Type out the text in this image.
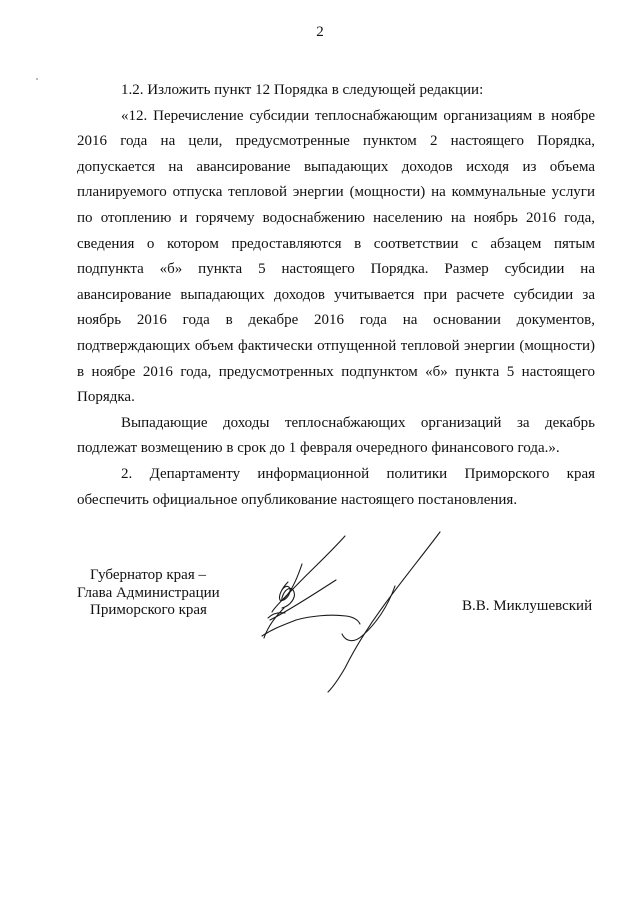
2
1.2. Изложить пункт 12 Порядка в следующей редакции:
«12. Перечисление субсидии теплоснабжающим организациям в ноябре
2016 года на цели, предусмотренные пунктом 2 настоящего Порядка,
допускается на авансирование выпадающих доходов исходя из объема
планируемого отпуска тепловой энергии (мощности) на коммунальные услуги
по отоплению и горячему водоснабжению населению на ноябрь 2016 года,
сведения о котором предоставляются в соответствии с абзацем пятым
подпункта «б» пункта 5 настоящего Порядка. Размер субсидии на
авансирование выпадающих доходов учитывается при расчете субсидии за
ноябрь 2016 года в декабре 2016 года на основании документов,
подтверждающих объем фактически отпущенной тепловой энергии (мощности)
в ноябре 2016 года, предусмотренных подпунктом «б» пункта 5 настоящего
Порядка.
Выпадающие доходы теплоснабжающих организаций за декабрь
подлежат возмещению в срок до 1 февраля очередного финансового года.».
2. Департаменту информационной политики Приморского края
обеспечить официальное опубликование настоящего постановления.
Губернатор края –
Глава Администрации
Приморского края	В.В. Миклушевский
